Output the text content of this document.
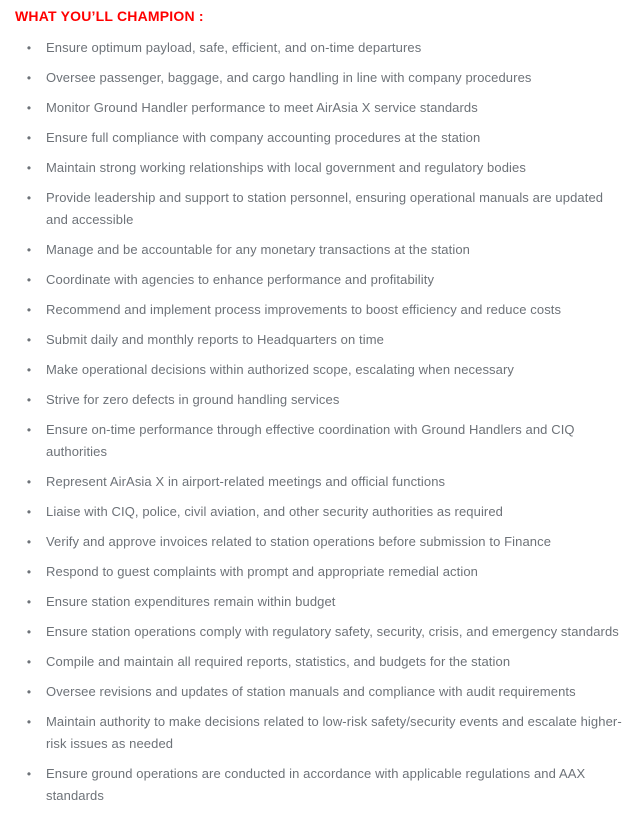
WHAT YOU’LL CHAMPION :
•	Ensure optimum payload, safe, efficient, and on-time departures
•	Oversee passenger, baggage, and cargo handling in line with company procedures
•	Monitor Ground Handler performance to meet AirAsia X service standards
•	Ensure full compliance with company accounting procedures at the station
•	Maintain strong working relationships with local government and regulatory bodies
•	Provide leadership and support to station personnel, ensuring operational manuals are updated and accessible
•	Manage and be accountable for any monetary transactions at the station
•	Coordinate with agencies to enhance performance and profitability
•	Recommend and implement process improvements to boost efficiency and reduce costs
•	Submit daily and monthly reports to Headquarters on time
•	Make operational decisions within authorized scope, escalating when necessary
•	Strive for zero defects in ground handling services
•	Ensure on-time performance through effective coordination with Ground Handlers and CIQ authorities
•	Represent AirAsia X in airport-related meetings and official functions
•	Liaise with CIQ, police, civil aviation, and other security authorities as required
•	Verify and approve invoices related to station operations before submission to Finance
•	Respond to guest complaints with prompt and appropriate remedial action
•	Ensure station expenditures remain within budget
•	Ensure station operations comply with regulatory safety, security, crisis, and emergency standards
•	Compile and maintain all required reports, statistics, and budgets for the station
•	Oversee revisions and updates of station manuals and compliance with audit requirements
•	Maintain authority to make decisions related to low-risk safety/security events and escalate higher-risk issues as needed
•	Ensure ground operations are conducted in accordance with applicable regulations and AAX standards
